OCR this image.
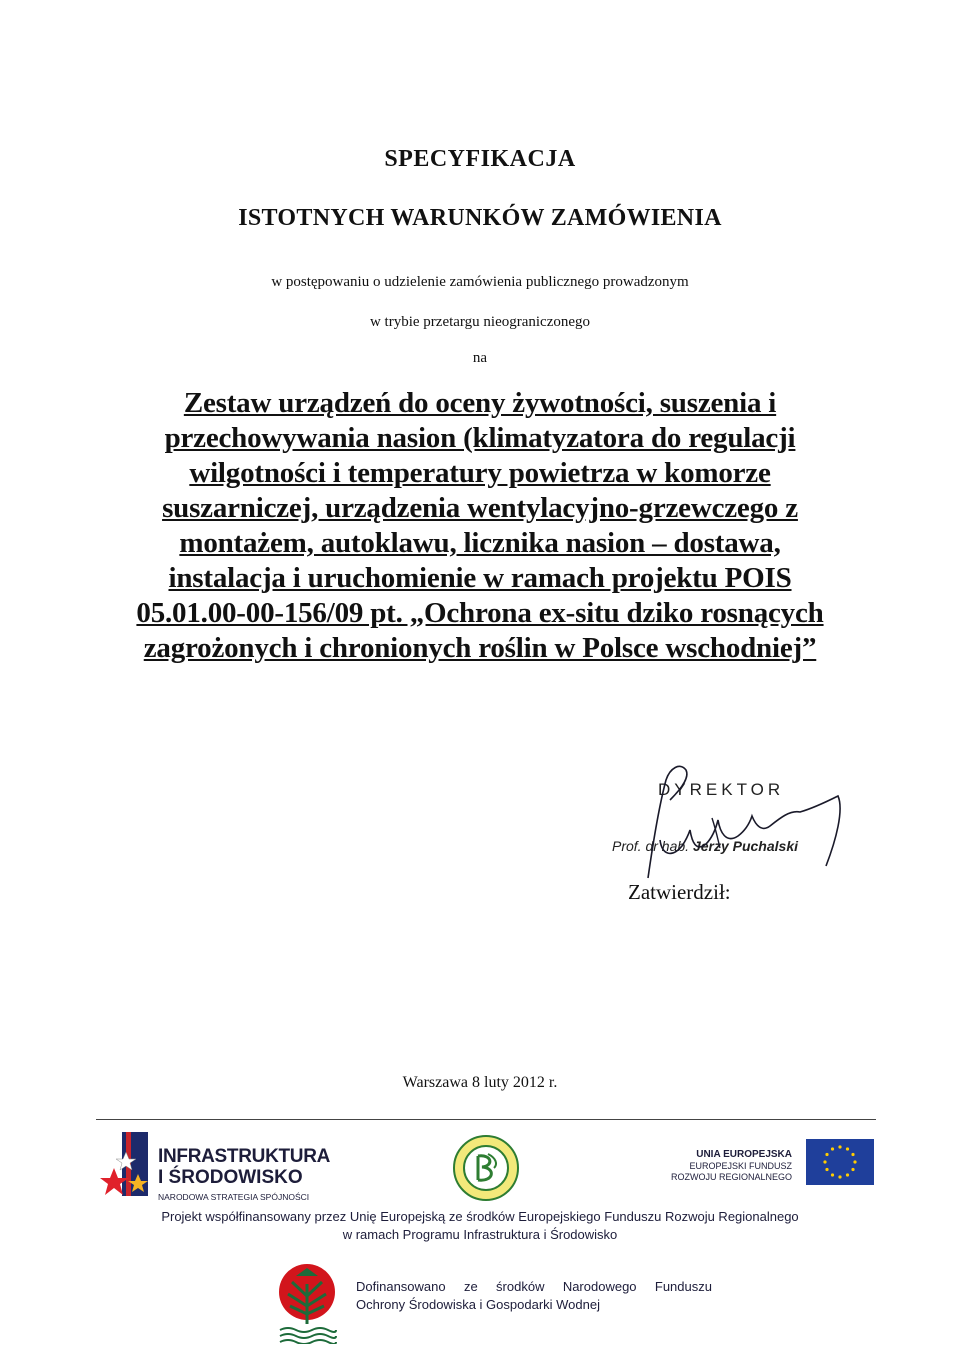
SPECYFIKACJA
ISTOTNYCH WARUNKÓW ZAMÓWIENIA
w postępowaniu o udzielenie zamówienia publicznego prowadzonym
w trybie przetargu nieograniczonego
na
Zestaw urządzeń do oceny żywotności, suszenia i
przechowywania nasion (klimatyzatora do regulacji
wilgotności i temperatury powietrza w komorze
suszarniczej, urządzenia wentylacyjno-grzewczego z
montażem, autoklawu, licznika nasion – dostawa,
instalacja i uruchomienie w ramach projektu POIS
05.01.00-00-156/09 pt. „Ochrona ex-situ dziko rosnących
zagrożonych i chronionych roślin w Polsce wschodniej”
DYREKTOR
Prof. dr hab. Jerzy Puchalski
Zatwierdził:
Warszawa 8 luty 2012 r.
INFRASTRUKTURA
I ŚRODOWISKO
NARODOWA STRATEGIA SPÓJNOŚCI
UNIA EUROPEJSKA
EUROPEJSKI FUNDUSZ
ROZWOJU REGIONALNEGO
Projekt współfinansowany przez Unię Europejską ze środków Europejskiego Funduszu Rozwoju Regionalnego
w ramach Programu Infrastruktura i Środowisko
Dofinansowano ze środków Narodowego Funduszu
Ochrony Środowiska i Gospodarki Wodnej
